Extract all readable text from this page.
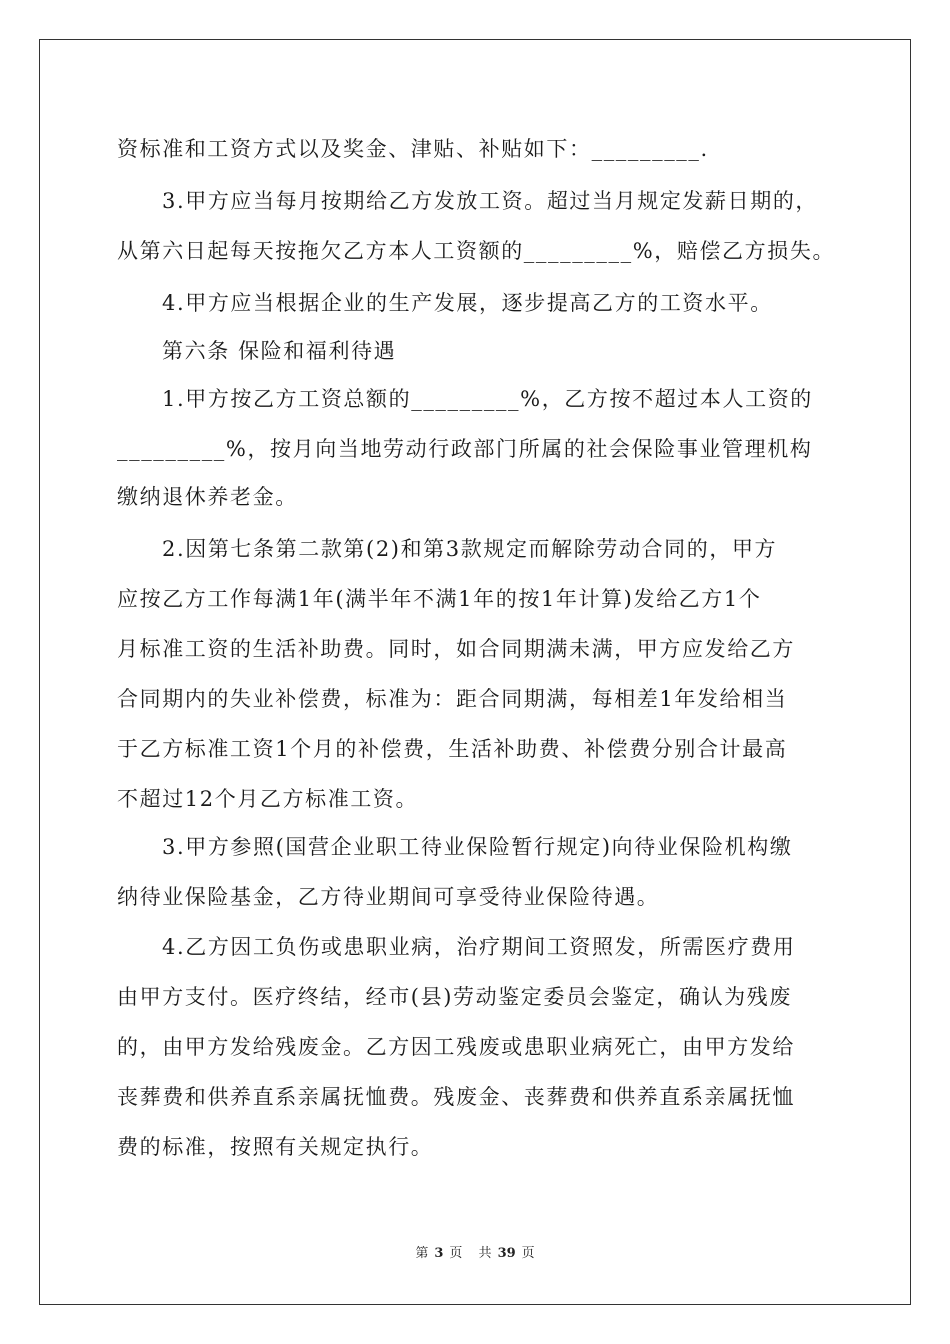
资标准和工资方式以及奖金、津贴、补贴如下：_________.
3.甲方应当每月按期给乙方发放工资。超过当月规定发薪日期的，
从第六日起每天按拖欠乙方本人工资额的_________%，赔偿乙方损失。
4.甲方应当根据企业的生产发展，逐步提高乙方的工资水平。
第六条 保险和福利待遇
1.甲方按乙方工资总额的_________%，乙方按不超过本人工资的
_________%，按月向当地劳动行政部门所属的社会保险事业管理机构
缴纳退休养老金。
2.因第七条第二款第(2)和第3款规定而解除劳动合同的，甲方
应按乙方工作每满1年(满半年不满1年的按1年计算)发给乙方1个
月标准工资的生活补助费。同时，如合同期满未满，甲方应发给乙方
合同期内的失业补偿费，标准为：距合同期满，每相差1年发给相当
于乙方标准工资1个月的补偿费，生活补助费、补偿费分别合计最高
不超过12个月乙方标准工资。
3.甲方参照(国营企业职工待业保险暂行规定)向待业保险机构缴
纳待业保险基金，乙方待业期间可享受待业保险待遇。
4.乙方因工负伤或患职业病，治疗期间工资照发，所需医疗费用
由甲方支付。医疗终结，经市(县)劳动鉴定委员会鉴定，确认为残废
的，由甲方发给残废金。乙方因工残废或患职业病死亡，由甲方发给
丧葬费和供养直系亲属抚恤费。残废金、丧葬费和供养直系亲属抚恤
费的标准，按照有关规定执行。
第 3 页 共 39 页
